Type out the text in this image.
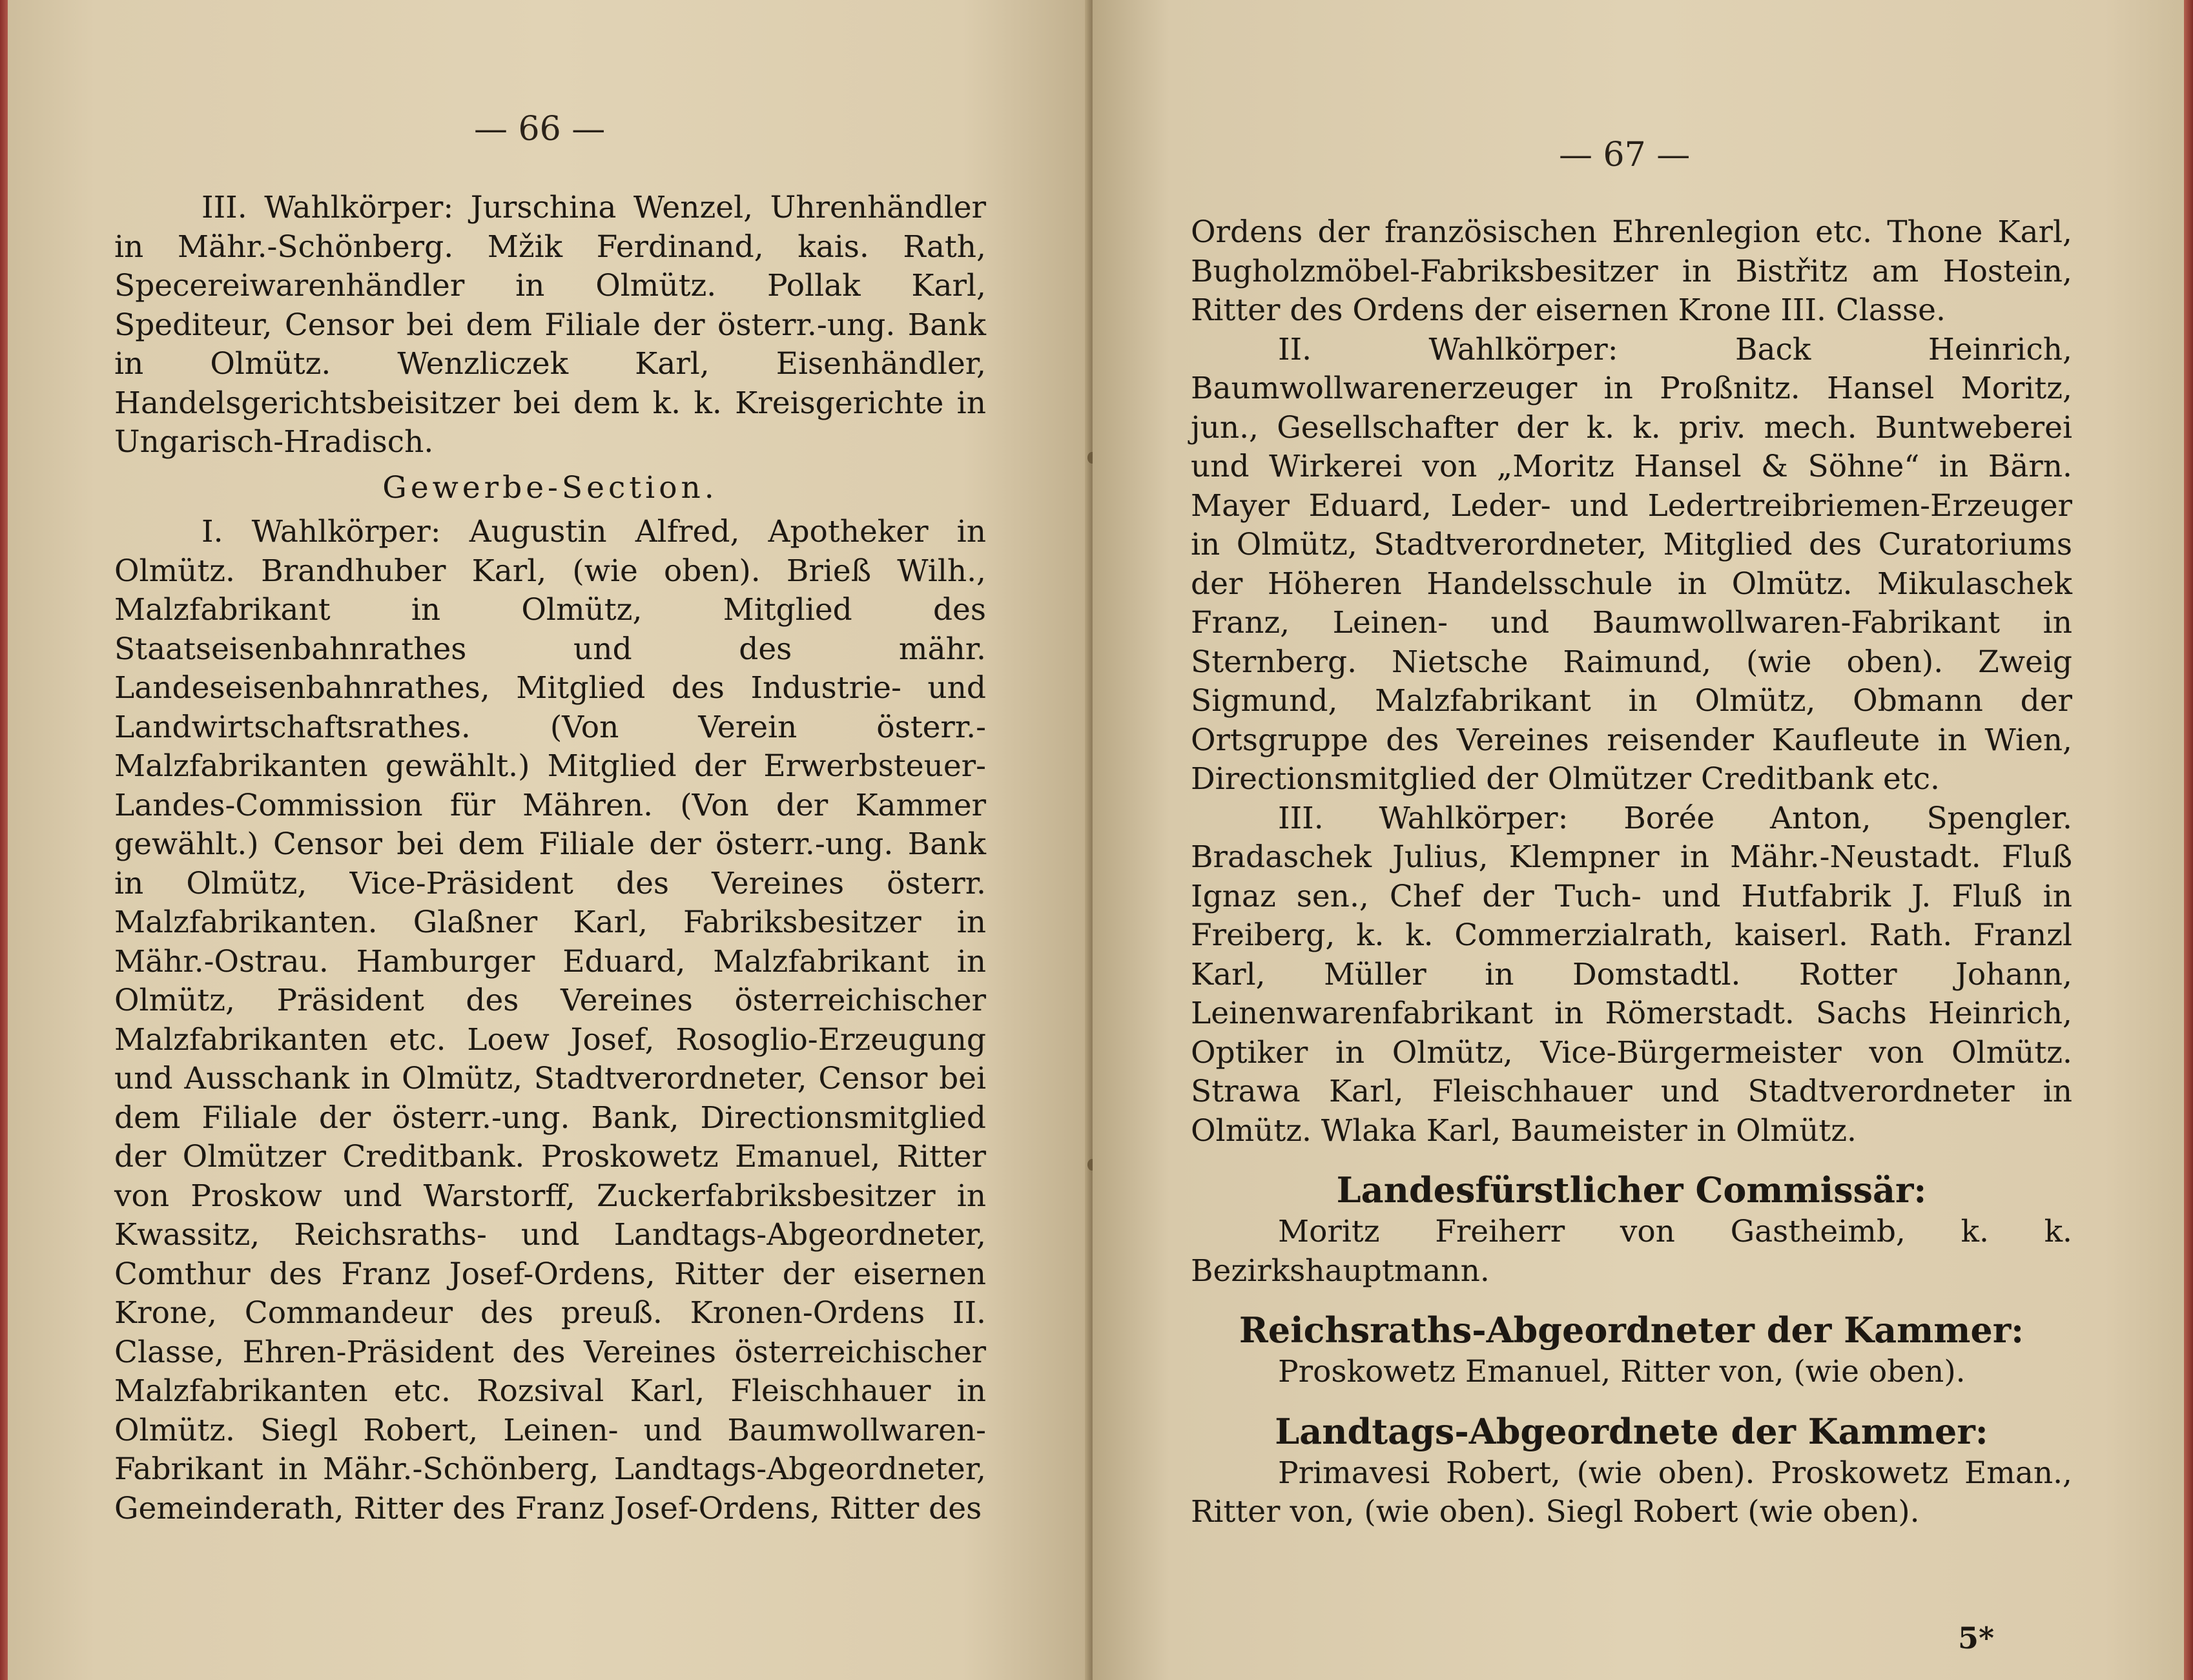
— 66 —

III. Wahlkörper: Jurschina Wenzel, Uhrenhändler in Mähr.-Schönberg. Mžik Ferdinand, kais. Rath, Specereiwarenhändler in Olmütz. Pollak Karl, Spediteur, Censor bei dem Filiale der österr.-ung. Bank in Olmütz. Wenzliczek Karl, Eisenhändler, Handelsgerichtsbeisitzer bei dem k. k. Kreisgerichte in Ungarisch-Hradisch.

Gewerbe-Section.

I. Wahlkörper: Augustin Alfred, Apotheker in Olmütz. Brandhuber Karl, (wie oben). Brieß Wilh., Malzfabrikant in Olmütz, Mitglied des Staatseisenbahnrathes und des mähr. Landeseisenbahnrathes, Mitglied des Industrie- und Landwirtschaftsrathes. (Von Verein österr.-Malzfabrikanten gewählt.) Mitglied der Erwerbsteuer-Landes-Commission für Mähren. (Von der Kammer gewählt.) Censor bei dem Filiale der österr.-ung. Bank in Olmütz, Vice-Präsident des Vereines österr. Malzfabrikanten. Glaßner Karl, Fabriksbesitzer in Mähr.-Ostrau. Hamburger Eduard, Malzfabrikant in Olmütz, Präsident des Vereines österreichischer Malzfabrikanten etc. Loew Josef, Rosoglio-Erzeugung und Ausschank in Olmütz, Stadtverordneter, Censor bei dem Filiale der österr.-ung. Bank, Directionsmitglied der Olmützer Creditbank. Proskowetz Emanuel, Ritter von Proskow und Warstorff, Zuckerfabriksbesitzer in Kwassitz, Reichsraths- und Landtags-Abgeordneter, Comthur des Franz Josef-Ordens, Ritter der eisernen Krone, Commandeur des preuß. Kronen-Ordens II. Classe, Ehren-Präsident des Vereines österreichischer Malzfabrikanten etc. Rozsival Karl, Fleischhauer in Olmütz. Siegl Robert, Leinen- und Baumwollwaren-Fabrikant in Mähr.-Schönberg, Landtags-Abgeordneter, Gemeinderath, Ritter des Franz Josef-Ordens, Ritter des

— 67 —

Ordens der französischen Ehrenlegion etc. Thone Karl, Bugholzmöbel-Fabriksbesitzer in Bistřitz am Hostein, Ritter des Ordens der eisernen Krone III. Classe.

II. Wahlkörper: Back Heinrich, Baumwollwarenerzeuger in Proßnitz. Hansel Moritz, jun., Gesellschafter der k. k. priv. mech. Buntweberei und Wirkerei von „Moritz Hansel & Söhne“ in Bärn. Mayer Eduard, Leder- und Ledertreibriemen-Erzeuger in Olmütz, Stadtverordneter, Mitglied des Curatoriums der Höheren Handelsschule in Olmütz. Mikulaschek Franz, Leinen- und Baumwollwaren-Fabrikant in Sternberg. Nietsche Raimund, (wie oben). Zweig Sigmund, Malzfabrikant in Olmütz, Obmann der Ortsgruppe des Vereines reisender Kaufleute in Wien, Directionsmitglied der Olmützer Creditbank etc.

III. Wahlkörper: Borée Anton, Spengler. Bradaschek Julius, Klempner in Mähr.-Neustadt. Fluß Ignaz sen., Chef der Tuch- und Hutfabrik J. Fluß in Freiberg, k. k. Commerzialrath, kaiserl. Rath. Franzl Karl, Müller in Domstadtl. Rotter Johann, Leinenwarenfabrikant in Römerstadt. Sachs Heinrich, Optiker in Olmütz, Vice-Bürgermeister von Olmütz. Strawa Karl, Fleischhauer und Stadtverordneter in Olmütz. Wlaka Karl, Baumeister in Olmütz.

Landesfürstlicher Commissär:

Moritz Freiherr von Gastheimb, k. k. Bezirkshauptmann.

Reichsraths-Abgeordneter der Kammer:

Proskowetz Emanuel, Ritter von, (wie oben).

Landtags-Abgeordnete der Kammer:

Primavesi Robert, (wie oben). Proskowetz Eman., Ritter von, (wie oben). Siegl Robert (wie oben).

5*
